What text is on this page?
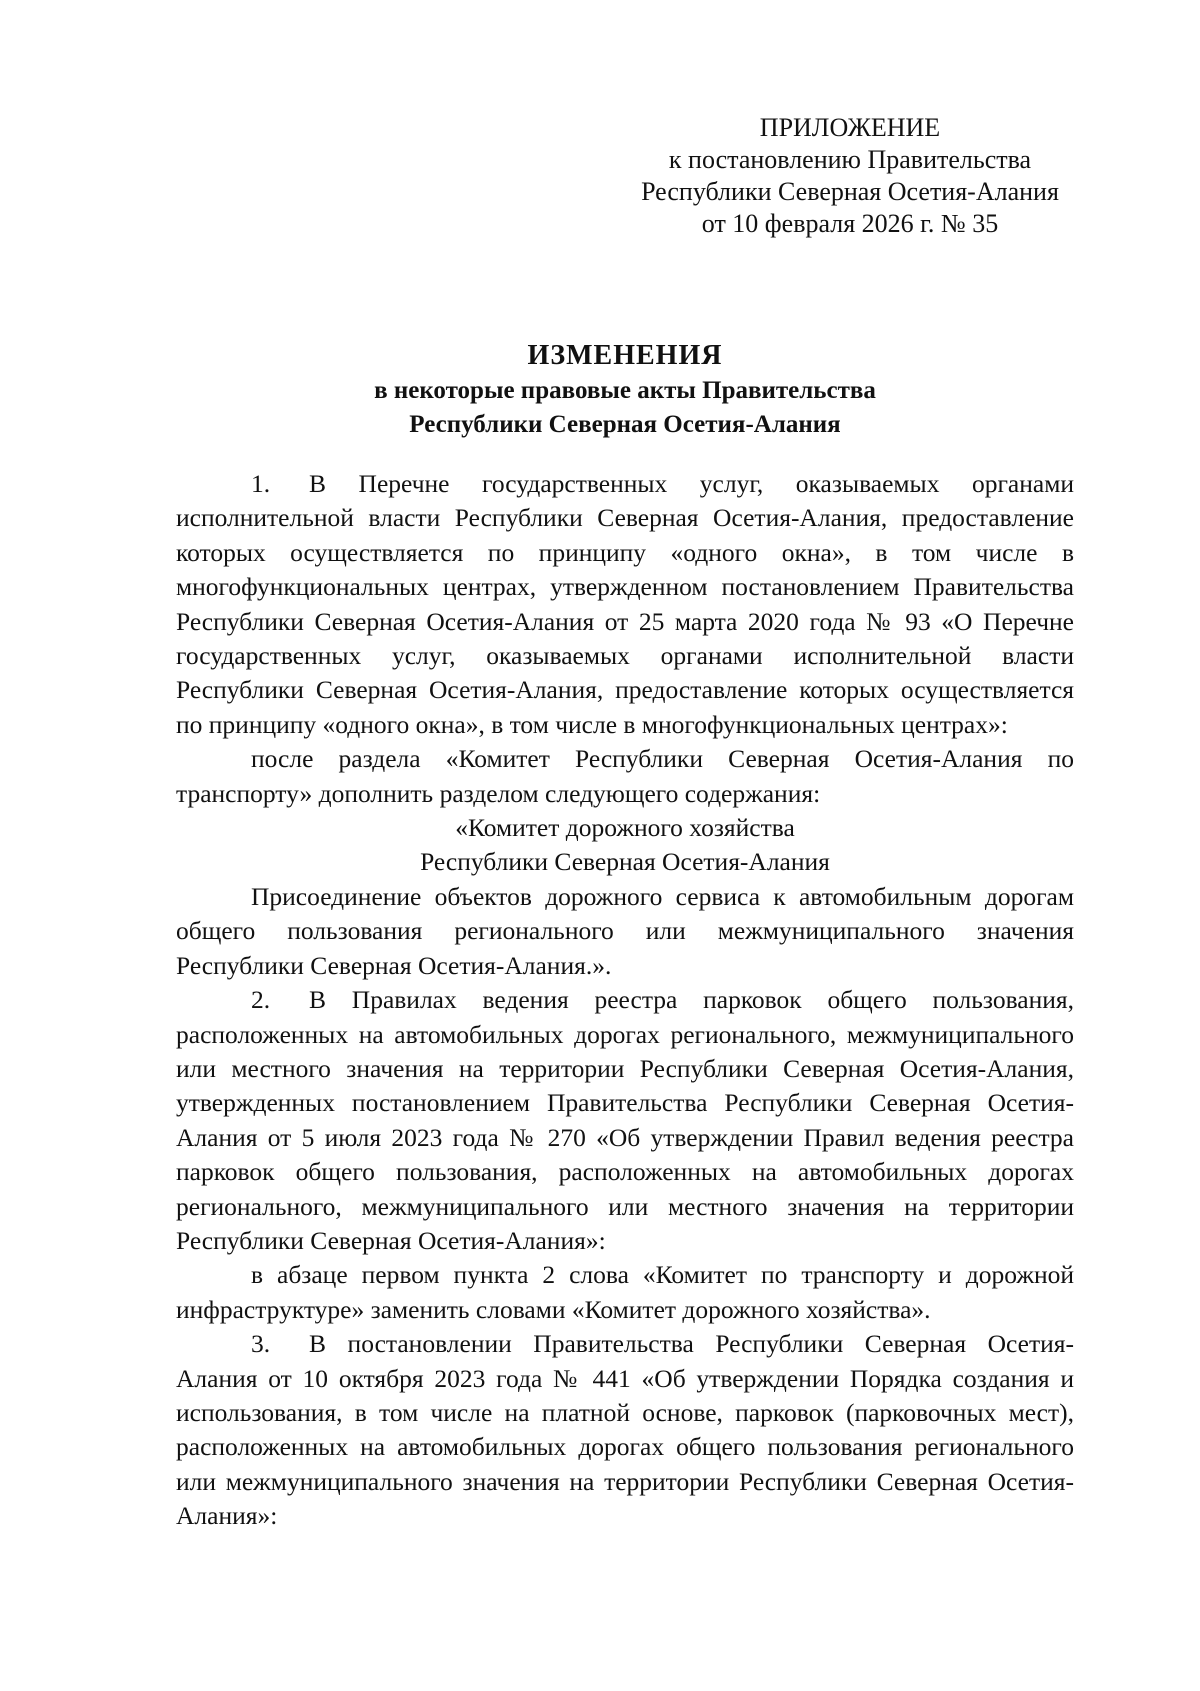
ПРИЛОЖЕНИЕ
к постановлению Правительства
Республики Северная Осетия-Алания
от 10 февраля 2026 г. № 35
ИЗМЕНЕНИЯ
в некоторые правовые акты Правительства
Республики Северная Осетия-Алания

1. В Перечне государственных услуг, оказываемых органами исполнительной власти Республики Северная Осетия-Алания, предоставление которых осуществляется по принципу «одного окна», в том числе в многофункциональных центрах, утвержденном постановлением Правительства Республики Северная Осетия-Алания от 25 марта 2020 года № 93 «О Перечне государственных услуг, оказываемых органами исполнительной власти Республики Северная Осетия-Алания, предоставление которых осуществляется по принципу «одного окна», в том числе в многофункциональных центрах»:

после раздела «Комитет Республики Северная Осетия-Алания по транспорту» дополнить разделом следующего содержания:

«Комитет дорожного хозяйства

Республики Северная Осетия-Алания

Присоединение объектов дорожного сервиса к автомобильным дорогам общего пользования регионального или межмуниципального значения Республики Северная Осетия-Алания.».

2. В Правилах ведения реестра парковок общего пользования, расположенных на автомобильных дорогах регионального, межмуниципального или местного значения на территории Республики Северная Осетия-Алания, утвержденных постановлением Правительства Республики Северная Осетия-Алания от 5 июля 2023 года № 270 «Об утверждении Правил ведения реестра парковок общего пользования, расположенных на автомобильных дорогах регионального, межмуниципального или местного значения на территории Республики Северная Осетия-Алания»:

в абзаце первом пункта 2 слова «Комитет по транспорту и дорожной инфраструктуре» заменить словами «Комитет дорожного хозяйства».

3. В постановлении Правительства Республики Северная Осетия-Алания от 10 октября 2023 года № 441 «Об утверждении Порядка создания и использования, в том числе на платной основе, парковок (парковочных мест), расположенных на автомобильных дорогах общего пользования регионального или межмуниципального значения на территории Республики Северная Осетия-Алания»:
